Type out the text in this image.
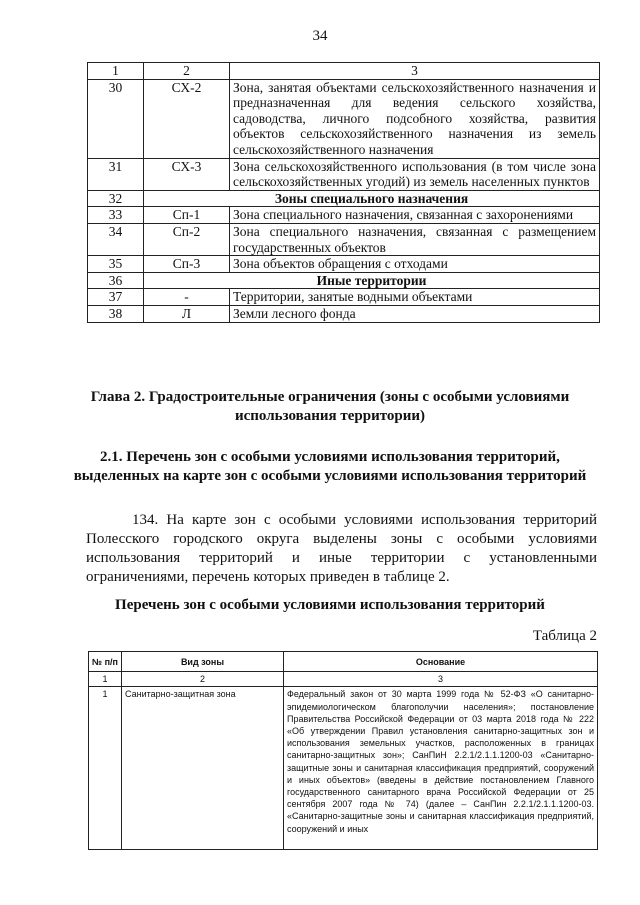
34
1	2	3
30	СХ-2	Зона, занятая объектами сельскохозяйственного назначения и предназначенная для ведения сельского хозяйства, садоводства, личного подсобного хозяйства, развития объектов сельскохозяйственного назначения из земель сельскохозяйственного назначения
31	СХ-3	Зона сельскохозяйственного использования (в том числе зона сельскохозяйственных угодий) из земель населенных пунктов
32	Зоны специального назначения	
33	Сп-1	Зона специального назначения, связанная с захоронениями
34	Сп-2	Зона специального назначения, связанная с размещением государственных объектов
35	Сп-3	Зона объектов обращения с отходами
36	Иные территории	
37	-	Территории, занятые водными объектами
38	Л	Земли лесного фонда
Глава 2. Градостроительные ограничения (зоны с особыми условиями использования территории)
2.1. Перечень зон с особыми условиями использования территорий, выделенных на карте зон с особыми условиями использования территорий
134. На карте зон с особыми условиями использования территорий Полесского городского округа выделены зоны с особыми условиями использования территорий и иные территории с установленными ограничениями, перечень которых приведен в таблице 2.
Перечень зон с особыми условиями использования территорий
Таблица 2
№ п/п	Вид зоны	Основание
1	2	3
1	Санитарно-защитная зона	Федеральный закон от 30 марта 1999 года № 52-ФЗ «О санитарно-эпидемиологическом благополучии населения»; постановление Правительства Российской Федерации от 03 марта 2018 года № 222 «Об утверждении Правил установления санитарно-защитных зон и использования земельных участков, расположенных в границах санитарно-защитных зон»; СанПиН 2.2.1/2.1.1.1200-03 «Санитарно-защитные зоны и санитарная классификация предприятий, сооружений и иных объектов» (введены в действие постановлением Главного государственного санитарного врача Российской Федерации от 25 сентября 2007 года № 74) (далее – СанПин 2.2.1/2.1.1.1200-03. «Санитарно-защитные зоны и санитарная классификация предприятий, сооружений и иных
